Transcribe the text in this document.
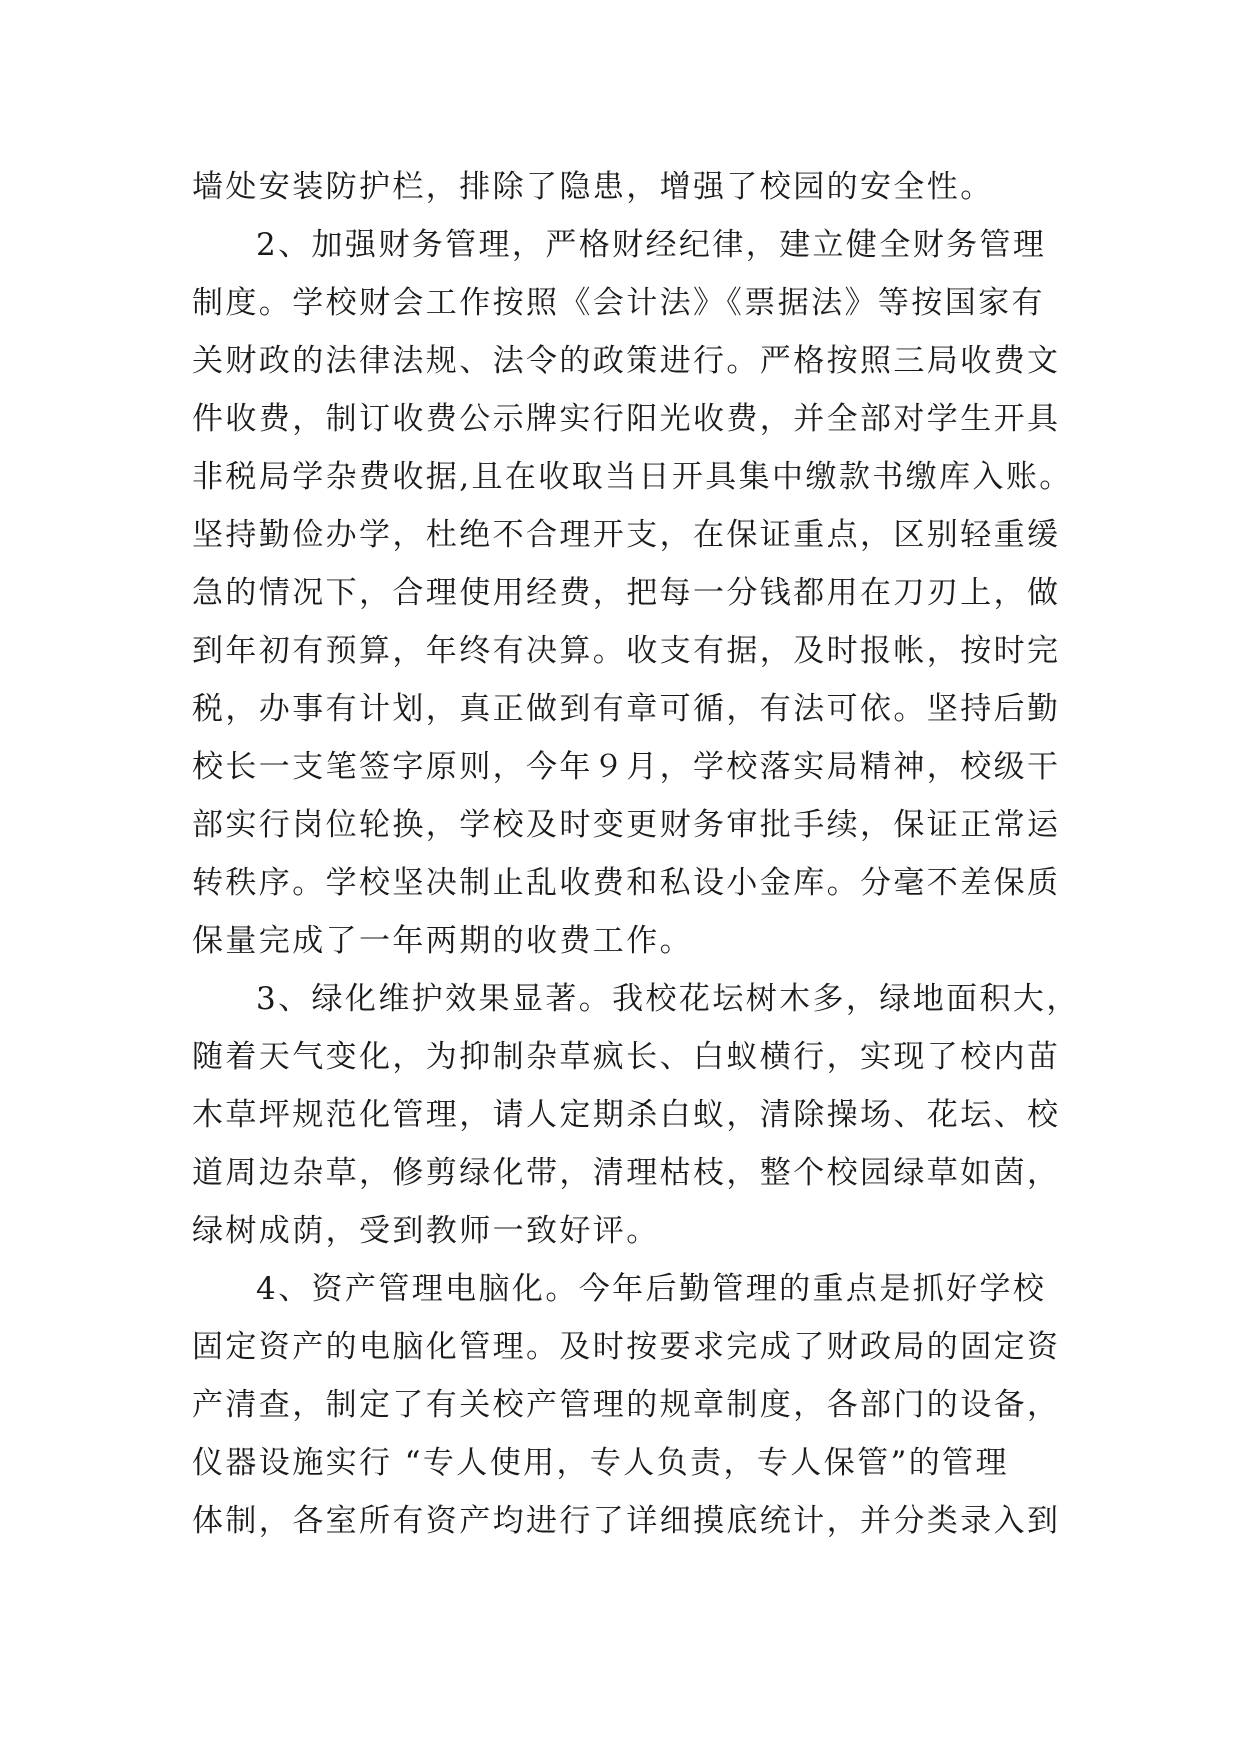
墙处安装防护栏，排除了隐患，增强了校园的安全性。
2、加强财务管理，严格财经纪律，建立健全财务管理
制度。学校财会工作按照《会计法》《票据法》等按国家有
关财政的法律法规、法令的政策进行。严格按照三局收费文
件收费，制订收费公示牌实行阳光收费，并全部对学生开具
非税局学杂费收据,且在收取当日开具集中缴款书缴库入账。
坚持勤俭办学，杜绝不合理开支，在保证重点，区别轻重缓
急的情况下，合理使用经费，把每一分钱都用在刀刃上，做
到年初有预算，年终有决算。收支有据，及时报帐，按时完
税，办事有计划，真正做到有章可循，有法可依。坚持后勤
校长一支笔签字原则，今年９月，学校落实局精神，校级干
部实行岗位轮换，学校及时变更财务审批手续，保证正常运
转秩序。学校坚决制止乱收费和私设小金库。分毫不差保质
保量完成了一年两期的收费工作。
3、绿化维护效果显著。我校花坛树木多，绿地面积大，
随着天气变化，为抑制杂草疯长、白蚁横行，实现了校内苗
木草坪规范化管理，请人定期杀白蚁，清除操场、花坛、校
道周边杂草，修剪绿化带，清理枯枝，整个校园绿草如茵，
绿树成荫，受到教师一致好评。
4、资产管理电脑化。今年后勤管理的重点是抓好学校
固定资产的电脑化管理。及时按要求完成了财政局的固定资
产清查，制定了有关校产管理的规章制度，各部门的设备，
仪器设施实行 “专人使用，专人负责，专人保管”的管理
体制，各室所有资产均进行了详细摸底统计，并分类录入到
